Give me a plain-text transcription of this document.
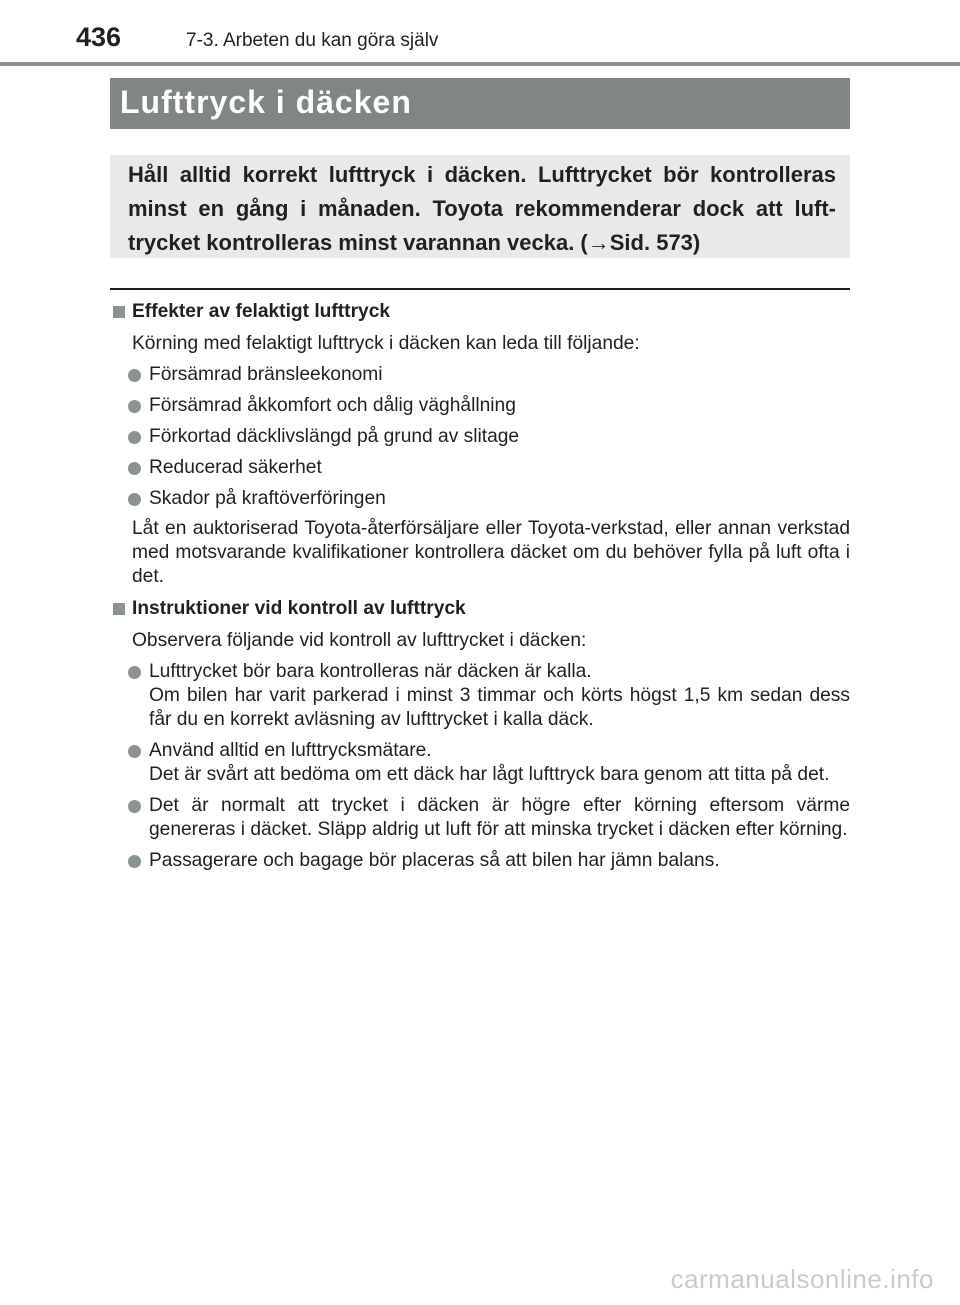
436	7-3. Arbeten du kan göra själv
Lufttryck i däcken
Håll alltid korrekt lufttryck i däcken. Lufttrycket bör kontrolleras minst en gång i månaden. Toyota rekommenderar dock att luft-trycket kontrolleras minst varannan vecka. (→Sid. 573)
Effekter av felaktigt lufttryck
Körning med felaktigt lufttryck i däcken kan leda till följande:
Försämrad bränsleekonomi
Försämrad åkkomfort och dålig väghållning
Förkortad däcklivslängd på grund av slitage
Reducerad säkerhet
Skador på kraftöverföringen
Låt en auktoriserad Toyota-återförsäljare eller Toyota-verkstad, eller annan verkstad med motsvarande kvalifikationer kontrollera däcket om du behöver fylla på luft ofta i det.
Instruktioner vid kontroll av lufttryck
Observera följande vid kontroll av lufttrycket i däcken:
Lufttrycket bör bara kontrolleras när däcken är kalla.
Om bilen har varit parkerad i minst 3 timmar och körts högst 1,5 km sedan dess får du en korrekt avläsning av lufttrycket i kalla däck.
Använd alltid en lufttrycksmätare.
Det är svårt att bedöma om ett däck har lågt lufttryck bara genom att titta på det.
Det är normalt att trycket i däcken är högre efter körning eftersom värme genereras i däcket. Släpp aldrig ut luft för att minska trycket i däcken efter körning.
Passagerare och bagage bör placeras så att bilen har jämn balans.
carmanualsonline.info
